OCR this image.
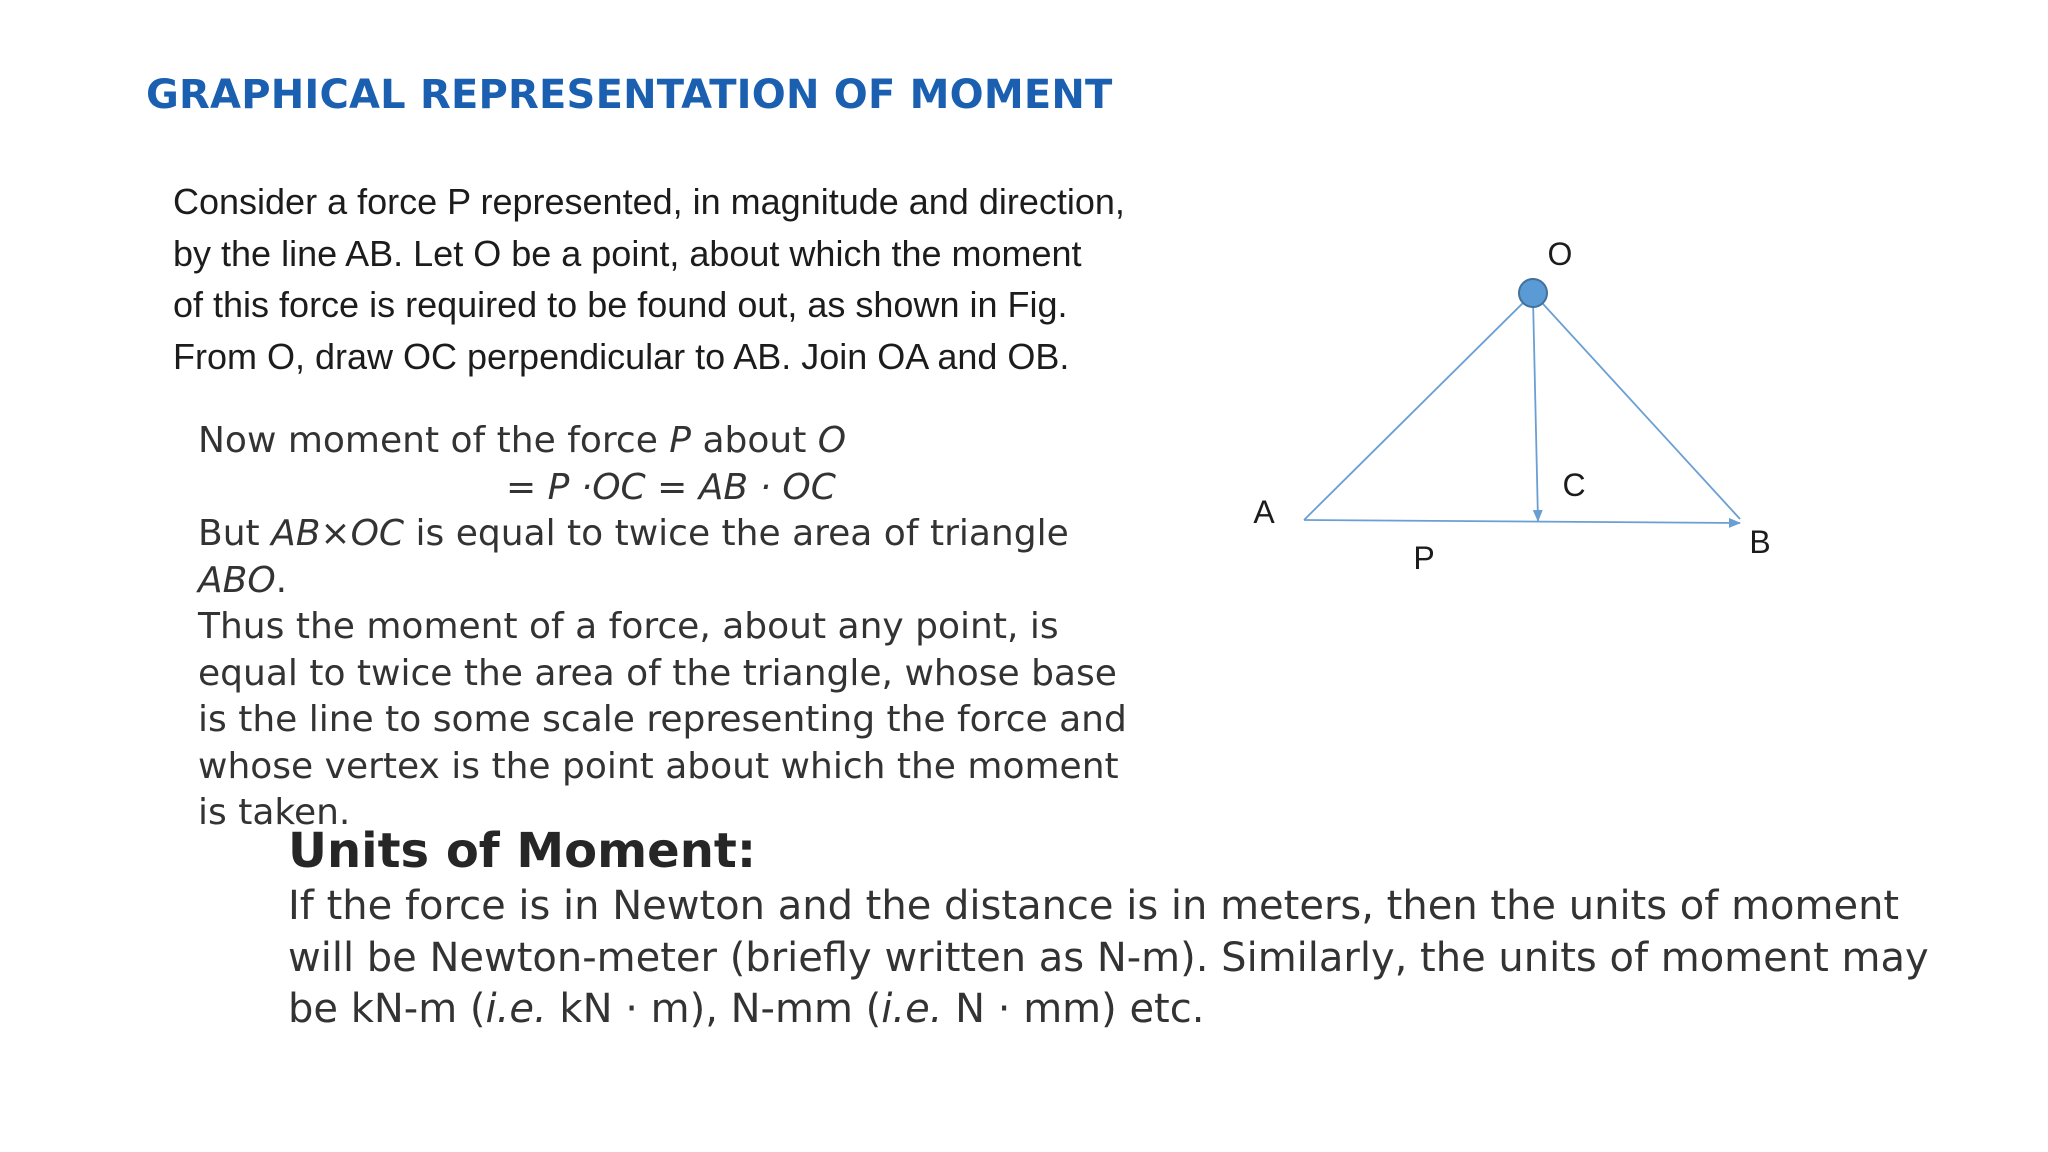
GRAPHICAL REPRESENTATION OF MOMENT
Consider a force P represented, in magnitude and direction,
by the line AB. Let O be a point, about which the moment
of this force is required to be found out, as shown in Fig.
From O, draw OC perpendicular to AB. Join OA and OB.
Now moment of the force P about O
= P ·OC = AB · OC
But AB×OC is equal to twice the area of triangle
ABO.
Thus the moment of a force, about any point, is
equal to twice the area of the triangle, whose base
is the line to some scale representing the force and
whose vertex is the point about which the moment
is taken.
Units of Moment:
If the force is in Newton and the distance is in meters, then the units of moment
will be Newton-meter (briefly written as N-m). Similarly, the units of moment may
be kN-m (i.e. kN · m), N-mm (i.e. N · mm) etc.
O
A
B
C
P
